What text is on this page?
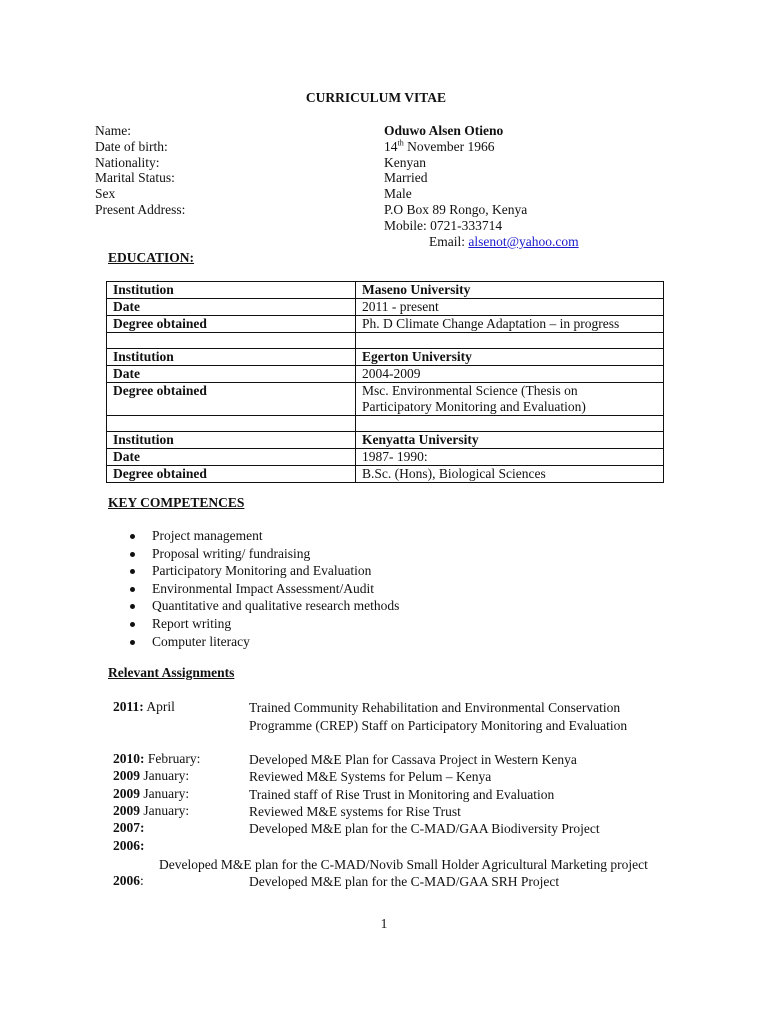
CURRICULUM VITAE
Name:	Oduwo Alsen Otieno
Date of birth:	14th November 1966
Nationality:	Kenyan
Marital Status:	Married
Sex	Male
Present Address:	P.O Box 89 Rongo, Kenya
Mobile: 0721-333714
Email: alsenot@yahoo.com
EDUCATION:
Institution	Maseno University
Date	2011 - present
Degree obtained	Ph. D Climate Change Adaptation – in progress

Institution	Egerton University
Date	2004-2009
Degree obtained	Msc. Environmental Science (Thesis on
Participatory Monitoring and Evaluation)

Institution	Kenyatta University
Date	1987- 1990:
Degree obtained	B.Sc. (Hons), Biological Sciences
KEY COMPETENCES
Project management
Proposal writing/ fundraising
Participatory Monitoring and Evaluation
Environmental Impact Assessment/Audit
Quantitative and qualitative research methods
Report writing
Computer literacy
Relevant Assignments
2011: April	Trained Community Rehabilitation and Environmental Conservation Programme (CREP) Staff on Participatory Monitoring and Evaluation
2010: February:	Developed M&E Plan for Cassava Project in Western Kenya
2009 January:	Reviewed M&E Systems for Pelum – Kenya
2009 January:	Trained staff of Rise Trust in Monitoring and Evaluation
2009 January:	Reviewed M&E systems for Rise Trust
2007:	Developed M&E plan for the C-MAD/GAA Biodiversity Project
2006:
Developed M&E plan for the C-MAD/Novib Small Holder Agricultural Marketing project
2006:	Developed M&E plan for the C-MAD/GAA SRH Project
1
